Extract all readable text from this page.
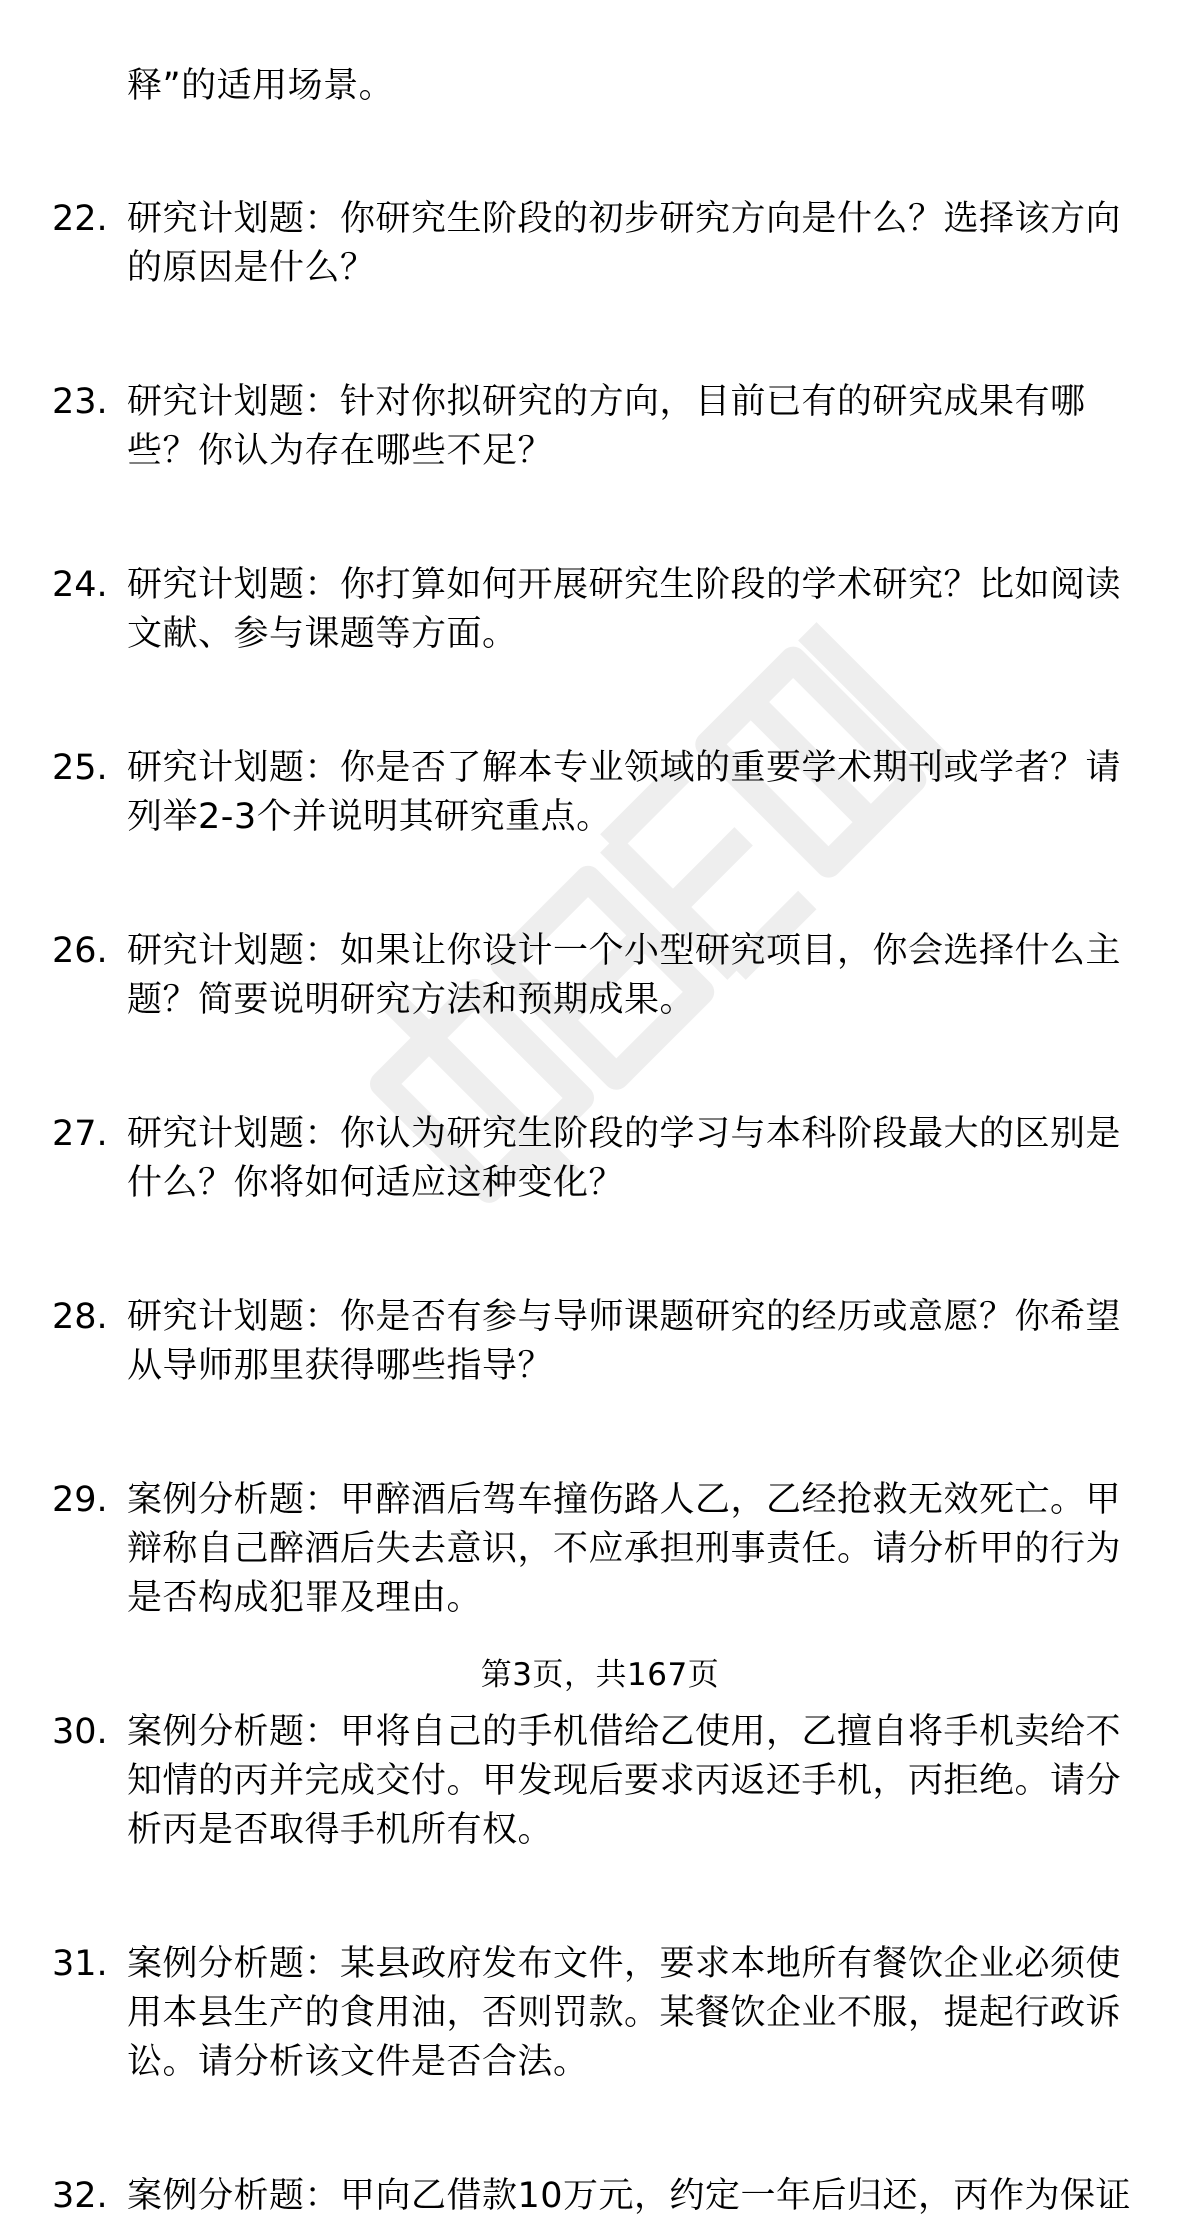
释”的适用场景。
22. 研究计划题：你研究生阶段的初步研究方向是什么？选择该方向
的原因是什么？
23. 研究计划题：针对你拟研究的方向，目前已有的研究成果有哪
些？你认为存在哪些不足？
24. 研究计划题：你打算如何开展研究生阶段的学术研究？比如阅读
文献、参与课题等方面。
25. 研究计划题：你是否了解本专业领域的重要学术期刊或学者？请
列举2-3个并说明其研究重点。
26. 研究计划题：如果让你设计一个小型研究项目，你会选择什么主
题？简要说明研究方法和预期成果。
27. 研究计划题：你认为研究生阶段的学习与本科阶段最大的区别是
什么？你将如何适应这种变化？
28. 研究计划题：你是否有参与导师课题研究的经历或意愿？你希望
从导师那里获得哪些指导？
29. 案例分析题：甲醉酒后驾车撞伤路人乙，乙经抢救无效死亡。甲
辩称自己醉酒后失去意识，不应承担刑事责任。请分析甲的行为
是否构成犯罪及理由。
30. 案例分析题：甲将自己的手机借给乙使用，乙擅自将手机卖给不
知情的丙并完成交付。甲发现后要求丙返还手机，丙拒绝。请分
析丙是否取得手机所有权。
31. 案例分析题：某县政府发布文件，要求本地所有餐饮企业必须使
用本县生产的食用油，否则罚款。某餐饮企业不服，提起行政诉
讼。请分析该文件是否合法。
32. 案例分析题：甲向乙借款10万元，约定一年后归还，丙作为保证
第3页，共167页
